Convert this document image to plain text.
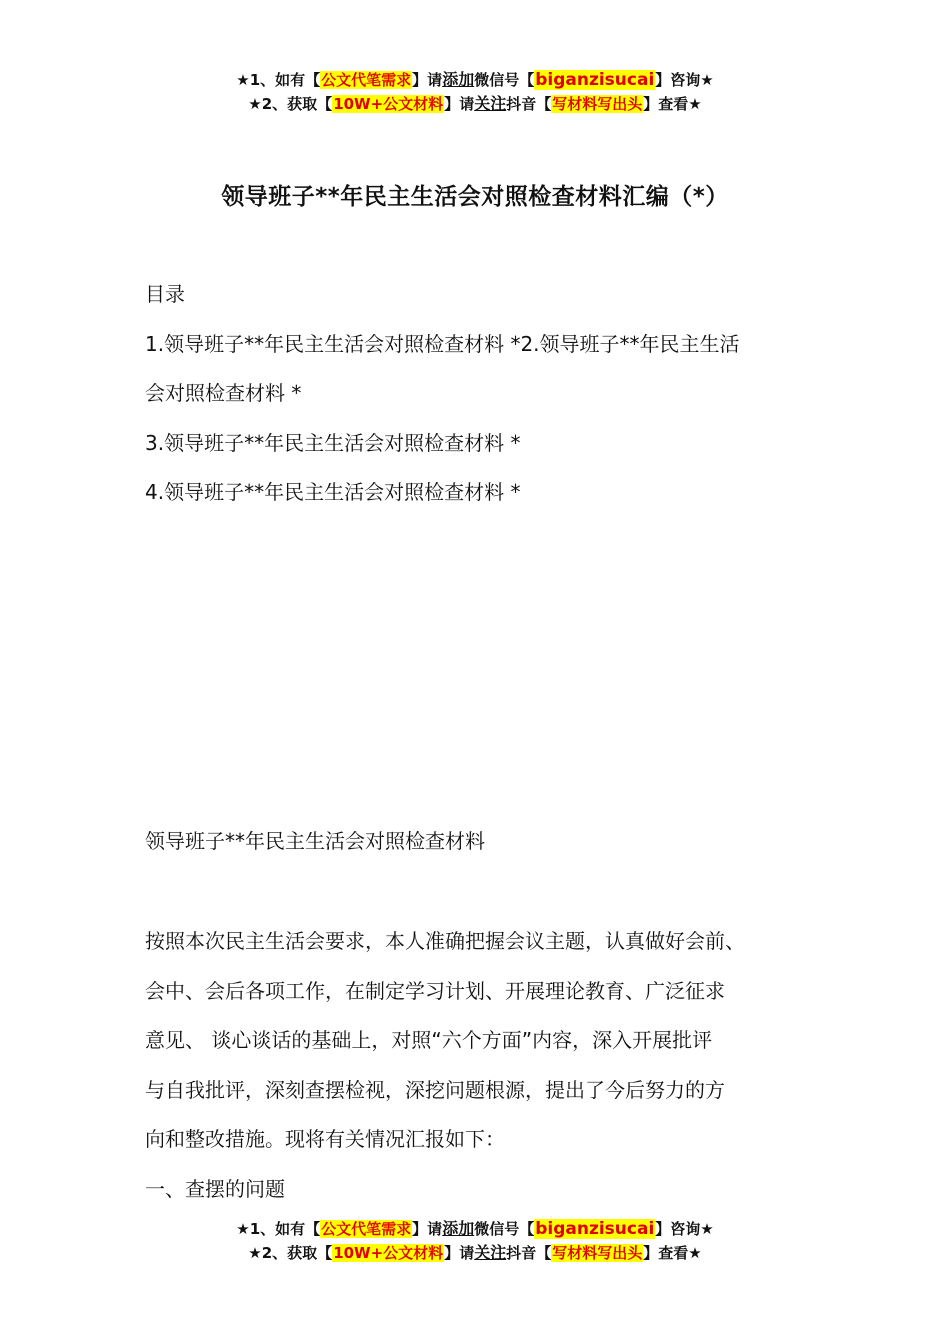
★1、如有【公文代笔需求】请添加微信号【biganzisucai】咨询★
★2、获取【10W+公文材料】请关注抖音【写材料写出头】查看★
领导班子**年民主生活会对照检查材料汇编（*）

目录

1.领导班子**年民主生活会对照检查材料 *2.领导班子**年民主生活

会对照检查材料 *

3.领导班子**年民主生活会对照检查材料 *

4.领导班子**年民主生活会对照检查材料 *

领导班子**年民主生活会对照检查材料

按照本次民主生活会要求，本人准确把握会议主题，认真做好会前、

会中、会后各项工作，在制定学习计划、开展理论教育、广泛征求

意见、 谈心谈话的基础上，对照“六个方面”内容，深入开展批评

与自我批评，深刻查摆检视，深挖问题根源，提出了今后努力的方

向和整改措施。现将有关情况汇报如下：

一、查摆的问题

★1、如有【公文代笔需求】请添加微信号【biganzisucai】咨询★
★2、获取【10W+公文材料】请关注抖音【写材料写出头】查看★
